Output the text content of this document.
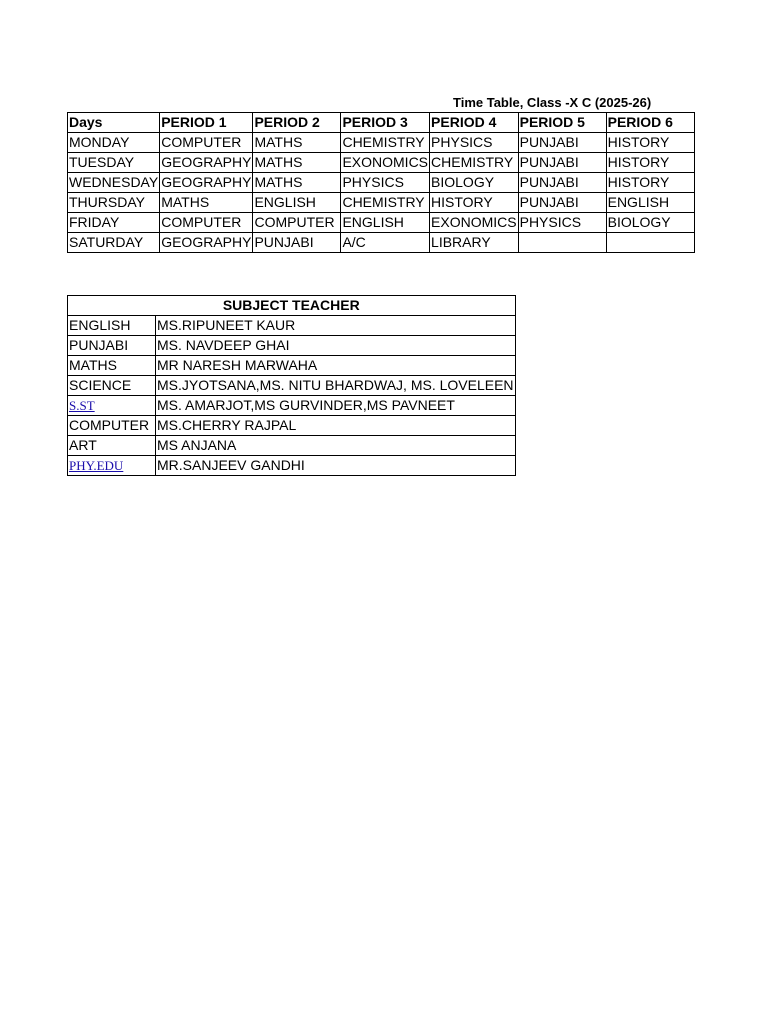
Time Table, Class -X C (2025-26)
Days	PERIOD 1	PERIOD 2	PERIOD 3	PERIOD 4	PERIOD 5	PERIOD 6
MONDAY	COMPUTER	MATHS	CHEMISTRY	PHYSICS	PUNJABI	HISTORY
TUESDAY	GEOGRAPHY	MATHS	EXONOMICS	CHEMISTRY	PUNJABI	HISTORY
WEDNESDAY	GEOGRAPHY	MATHS	PHYSICS	BIOLOGY	PUNJABI	HISTORY
THURSDAY	MATHS	ENGLISH	CHEMISTRY	HISTORY	PUNJABI	ENGLISH
FRIDAY	COMPUTER	COMPUTER	ENGLISH	EXONOMICS	PHYSICS	BIOLOGY
SATURDAY	GEOGRAPHY	PUNJABI	A/C	LIBRARY		
SUBJECT TEACHER	
ENGLISH	MS.RIPUNEET KAUR
PUNJABI	MS. NAVDEEP GHAI
MATHS	MR NARESH MARWAHA
SCIENCE	MS.JYOTSANA,MS. NITU BHARDWAJ, MS. LOVELEEN
S.ST	MS. AMARJOT,MS GURVINDER,MS PAVNEET
COMPUTER	MS.CHERRY RAJPAL
ART	MS ANJANA
PHY.EDU	MR.SANJEEV GANDHI
